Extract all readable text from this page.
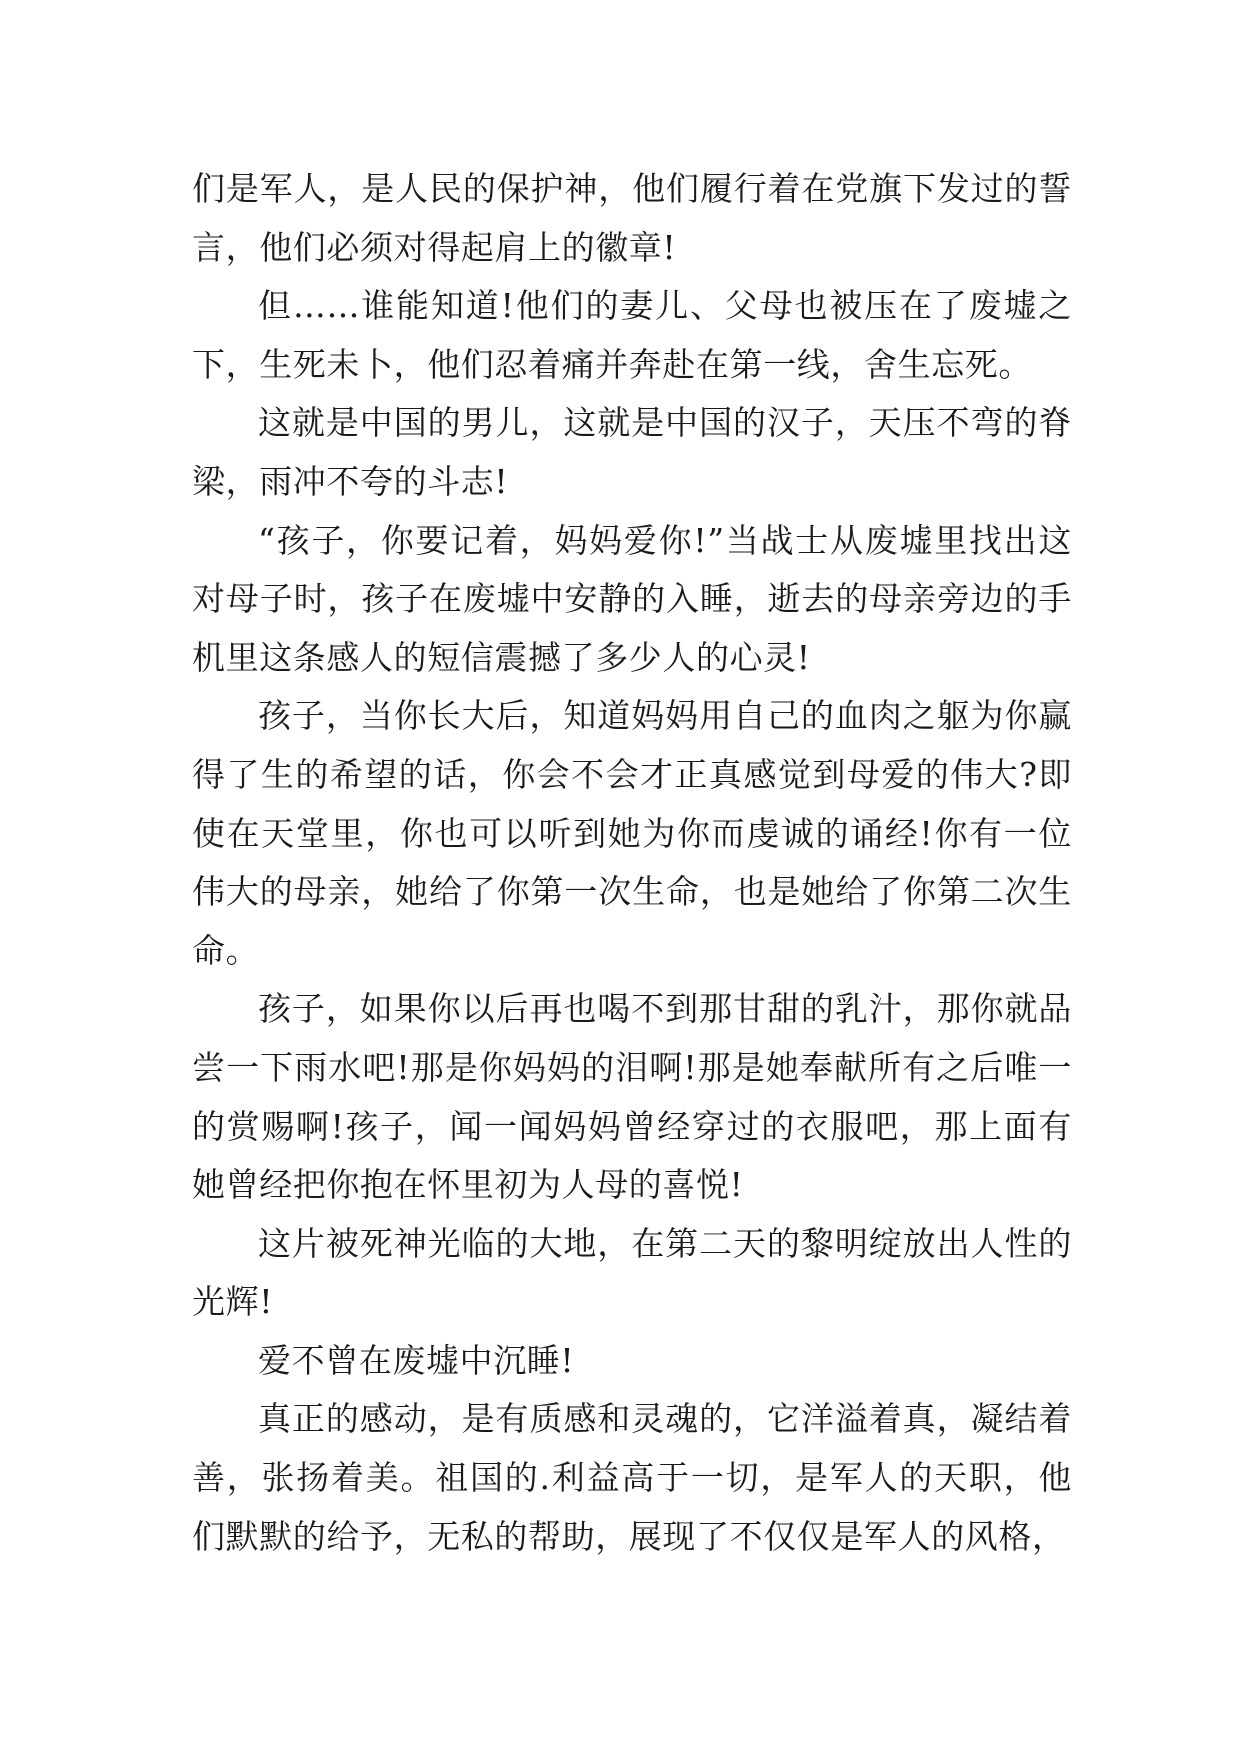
们是军人，是人民的保护神，他们履行着在党旗下发过的誓言，他们必须对得起肩上的徽章!

但……谁能知道!他们的妻儿、父母也被压在了废墟之下，生死未卜，他们忍着痛并奔赴在第一线，舍生忘死。

这就是中国的男儿，这就是中国的汉子，天压不弯的脊梁，雨冲不夸的斗志!

“孩子，你要记着，妈妈爱你!”当战士从废墟里找出这对母子时，孩子在废墟中安静的入睡，逝去的母亲旁边的手机里这条感人的短信震撼了多少人的心灵!

孩子，当你长大后，知道妈妈用自己的血肉之躯为你赢得了生的希望的话，你会不会才正真感觉到母爱的伟大?即使在天堂里，你也可以听到她为你而虔诚的诵经!你有一位伟大的母亲，她给了你第一次生命，也是她给了你第二次生命。

孩子，如果你以后再也喝不到那甘甜的乳汁，那你就品尝一下雨水吧!那是你妈妈的泪啊!那是她奉献所有之后唯一的赏赐啊!孩子，闻一闻妈妈曾经穿过的衣服吧，那上面有她曾经把你抱在怀里初为人母的喜悦!

这片被死神光临的大地，在第二天的黎明绽放出人性的光辉!

爱不曾在废墟中沉睡!

真正的感动，是有质感和灵魂的，它洋溢着真，凝结着善，张扬着美。祖国的.利益高于一切，是军人的天职，他们默默的给予，无私的帮助，展现了不仅仅是军人的风格，
